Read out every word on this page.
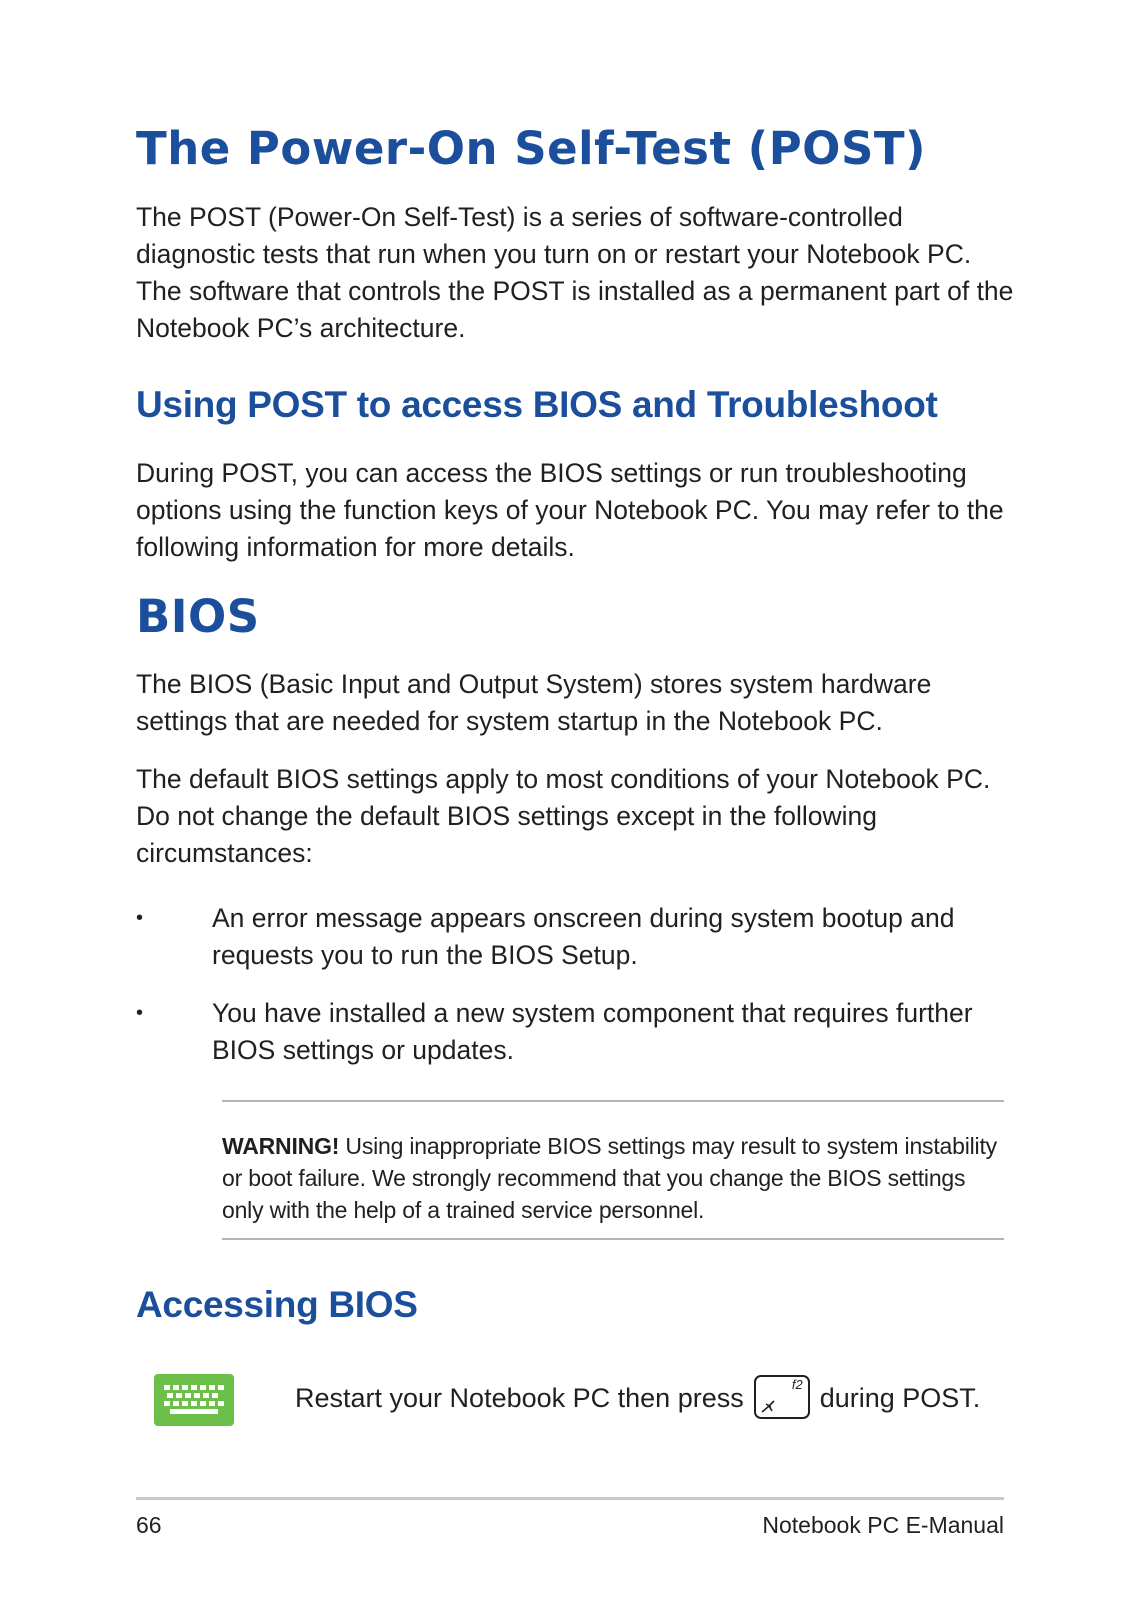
The Power-On Self-Test (POST)

The POST (Power-On Self-Test) is a series of software-controlled diagnostic tests that run when you turn on or restart your Notebook PC. The software that controls the POST is installed as a permanent part of the Notebook PC’s architecture.

Using POST to access BIOS and Troubleshoot

During POST, you can access the BIOS settings or run troubleshooting options using the function keys of your Notebook PC. You may refer to the following information for more details.

BIOS

The BIOS (Basic Input and Output System) stores system hardware settings that are needed for system startup in the Notebook PC.

The default BIOS settings apply to most conditions of your Notebook PC. Do not change the default BIOS settings except in the following circumstances:

•	An error message appears onscreen during system bootup and requests you to run the BIOS Setup.

•	You have installed a new system component that requires further BIOS settings or updates.

WARNING! Using inappropriate BIOS settings may result to system instability or boot failure. We strongly recommend that you change the BIOS settings only with the help of a trained service personnel.

Accessing BIOS

Restart your Notebook PC then press	f2 during POST.

66	Notebook PC E-Manual
